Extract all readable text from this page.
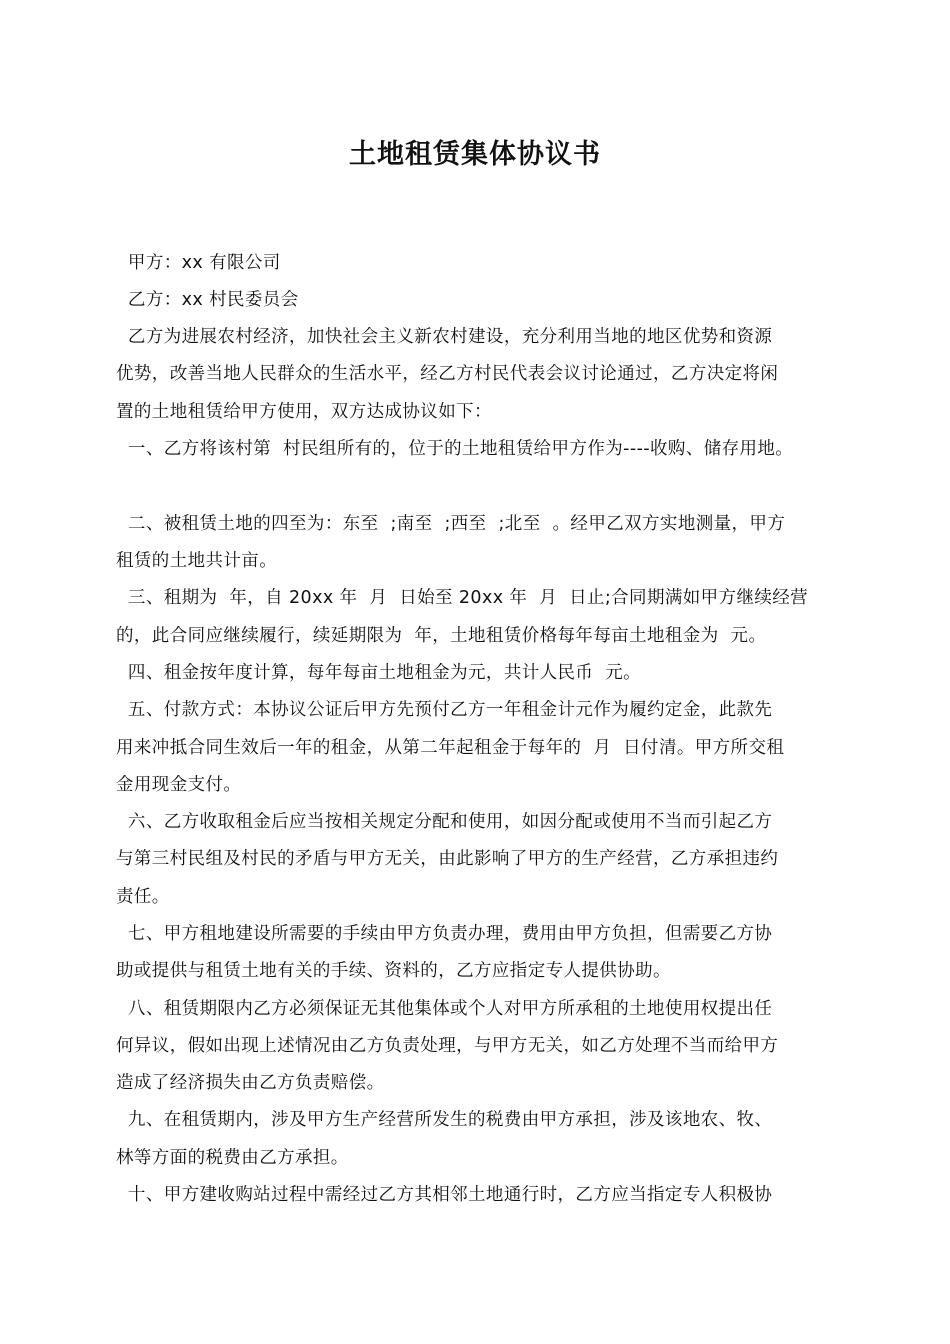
土地租赁集体协议书
甲方：xx 有限公司
乙方：xx 村民委员会
乙方为进展农村经济，加快社会主义新农村建设，充分利用当地的地区优势和资源
优势，改善当地人民群众的生活水平，经乙方村民代表会议讨论通过，乙方决定将闲
置的土地租赁给甲方使用，双方达成协议如下：
一、乙方将该村第  村民组所有的，位于的土地租赁给甲方作为----收购、储存用地。
二、被租赁土地的四至为：东至  ;南至  ;西至  ;北至  。经甲乙双方实地测量，甲方
租赁的土地共计亩。
三、租期为  年，自 20xx 年  月  日始至 20xx 年  月  日止;合同期满如甲方继续经营
的，此合同应继续履行，续延期限为  年，土地租赁价格每年每亩土地租金为  元。
四、租金按年度计算，每年每亩土地租金为元，共计人民币  元。
五、付款方式：本协议公证后甲方先预付乙方一年租金计元作为履约定金，此款先
用来冲抵合同生效后一年的租金，从第二年起租金于每年的  月  日付清。甲方所交租
金用现金支付。
六、乙方收取租金后应当按相关规定分配和使用，如因分配或使用不当而引起乙方
与第三村民组及村民的矛盾与甲方无关，由此影响了甲方的生产经营，乙方承担违约
责任。
七、甲方租地建设所需要的手续由甲方负责办理，费用由甲方负担，但需要乙方协
助或提供与租赁土地有关的手续、资料的，乙方应指定专人提供协助。
八、租赁期限内乙方必须保证无其他集体或个人对甲方所承租的土地使用权提出任
何异议，假如出现上述情况由乙方负责处理，与甲方无关，如乙方处理不当而给甲方
造成了经济损失由乙方负责赔偿。
九、在租赁期内，涉及甲方生产经营所发生的税费由甲方承担，涉及该地农、牧、
林等方面的税费由乙方承担。
十、甲方建收购站过程中需经过乙方其相邻土地通行时，乙方应当指定专人积极协
